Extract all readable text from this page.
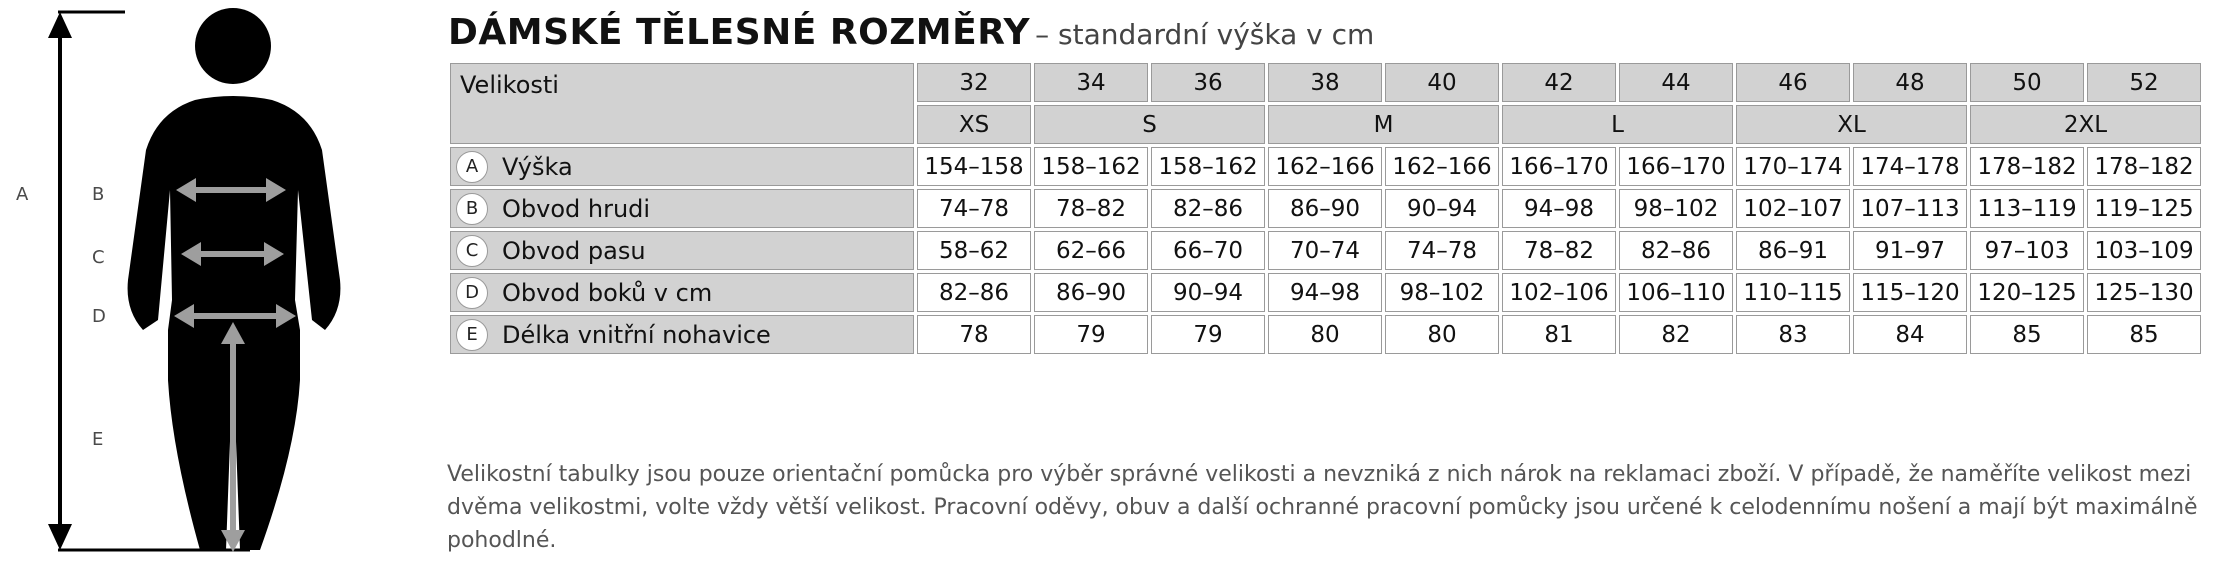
A	B
C
D
E
DÁMSKÉ TĚLESNÉ ROZMĚRY – standardní výška v cm
Velikosti	32	34	36	38	40	42	44	46	48	50	52
	XS	S		M		L		XL		2XL	
A Výška	154–158	158–162	158–162	162–166	162–166	166–170	166–170	170–174	174–178	178–182	178–182
B Obvod hrudi	74–78	78–82	82–86	86–90	90–94	94–98	98–102	102–107	107–113	113–119	119–125
C Obvod pasu	58–62	62–66	66–70	70–74	74–78	78–82	82–86	86–91	91–97	97–103	103–109
D Obvod boků v cm	82–86	86–90	90–94	94–98	98–102	102–106	106–110	110–115	115–120	120–125	125–130
E Délka vnitřní nohavice	78	79	79	80	80	81	82	83	84	85	85
Velikostní tabulky jsou pouze orientační pomůcka pro výběr správné velikosti a nevzniká z nich nárok na reklamaci zboží. V případě, že naměříte velikost mezi dvěma velikostmi, volte vždy větší velikost. Pracovní oděvy, obuv a další ochranné pracovní pomůcky jsou určené k celodennímu nošení a mají být maximálně pohodlné.
